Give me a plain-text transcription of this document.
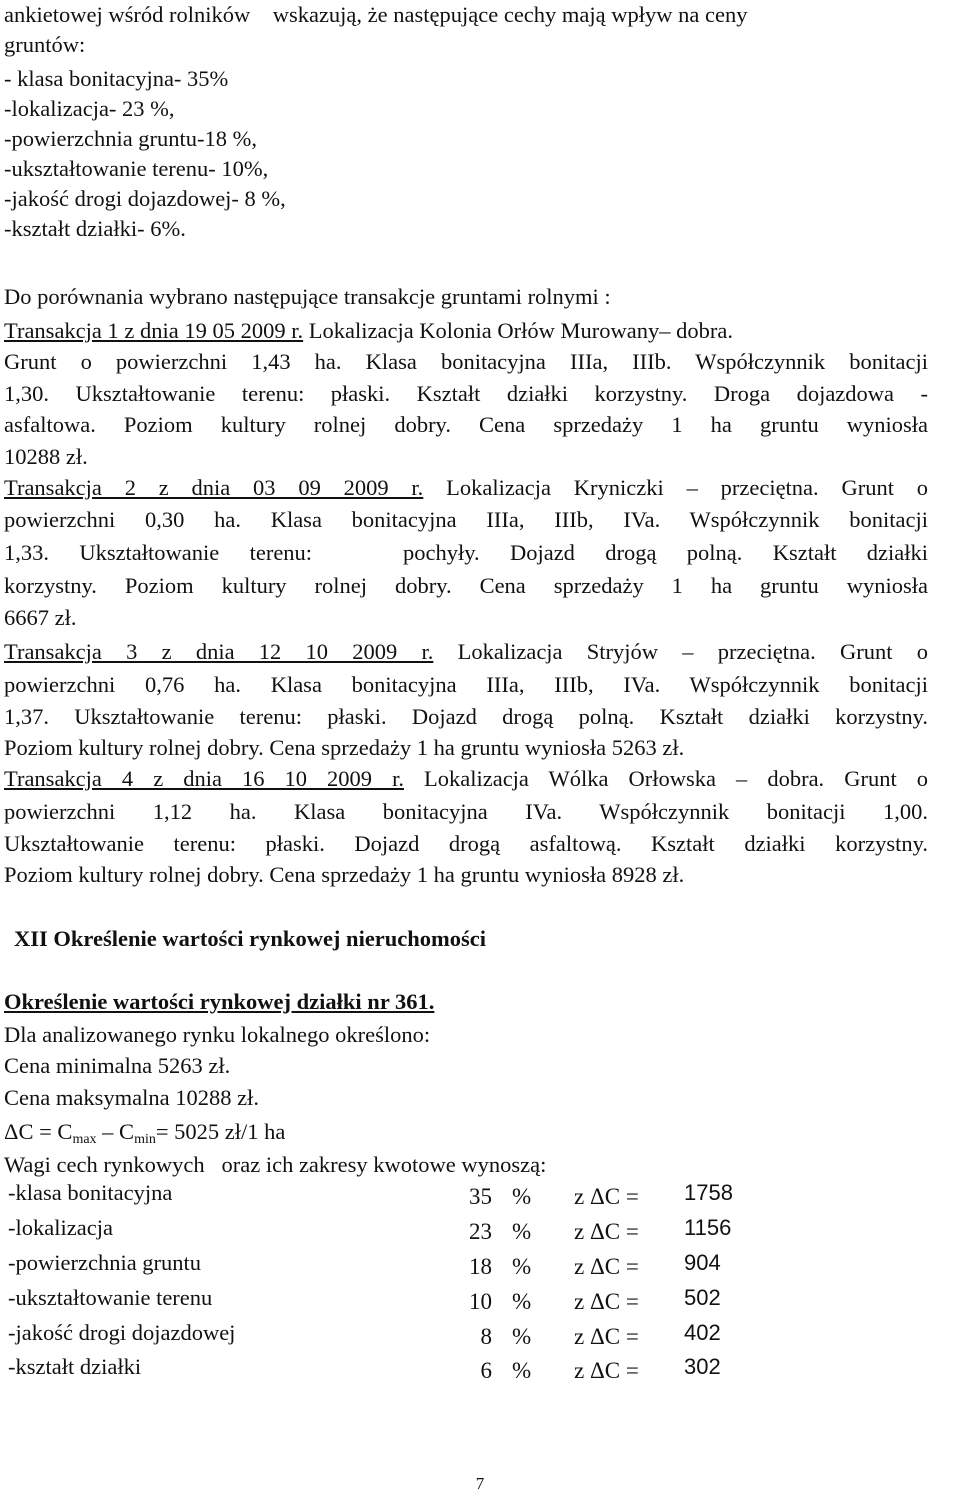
ankietowej wśród rolników    wskazują, że następujące cechy mają wpływ na ceny
gruntów:
- klasa bonitacyjna- 35%
-lokalizacja- 23 %,
-powierzchnia gruntu-18 %,
-ukształtowanie terenu- 10%,
-jakość drogi dojazdowej- 8 %,
-kształt działki- 6%.
Do porównania wybrano następujące transakcje gruntami rolnymi :
Transakcja 1 z dnia 19 05 2009 r. Lokalizacja Kolonia Orłów Murowany– dobra.
Grunt o powierzchni 1,43 ha. Klasa bonitacyjna IIIa, IIIb. Współczynnik bonitacji
1,30. Ukształtowanie terenu: płaski. Kształt działki korzystny. Droga dojazdowa -
asfaltowa. Poziom kultury rolnej dobry. Cena sprzedaży 1 ha gruntu wyniosła
10288 zł.
Transakcja 2 z dnia 03 09 2009 r. Lokalizacja Kryniczki – przeciętna. Grunt o
powierzchni 0,30 ha. Klasa bonitacyjna IIIa, IIIb, IVa. Współczynnik bonitacji
1,33. Ukształtowanie terenu:   pochyły. Dojazd drogą polną. Kształt działki
korzystny. Poziom kultury rolnej dobry. Cena sprzedaży 1 ha gruntu wyniosła
6667 zł.
Transakcja 3 z dnia 12 10 2009 r. Lokalizacja Stryjów – przeciętna. Grunt o
powierzchni 0,76 ha. Klasa bonitacyjna IIIa, IIIb, IVa. Współczynnik bonitacji
1,37. Ukształtowanie terenu: płaski. Dojazd drogą polną. Kształt działki korzystny.
Poziom kultury rolnej dobry. Cena sprzedaży 1 ha gruntu wyniosła 5263 zł.
Transakcja 4 z dnia 16 10 2009 r. Lokalizacja Wólka Orłowska – dobra. Grunt o
powierzchni 1,12 ha. Klasa bonitacyjna IVa. Współczynnik bonitacji 1,00.
Ukształtowanie terenu: płaski. Dojazd drogą asfaltową. Kształt działki korzystny.
Poziom kultury rolnej dobry. Cena sprzedaży 1 ha gruntu wyniosła 8928 zł.
XII Określenie wartości rynkowej nieruchomości
Określenie wartości rynkowej działki nr 361.
Dla analizowanego rynku lokalnego określono:
Cena minimalna 5263 zł.
Cena maksymalna 10288 zł.
$\Delta C = C_{max} - C_{min}= 5025$ zł/1 ha
Wagi cech rynkowych   oraz ich zakresy kwotowe wynoszą:
-klasa bonitacyjna	35 % z ΔC = 1758
-lokalizacja	23 % z ΔC = 1156
-powierzchnia gruntu	18 % z ΔC = 904
-ukształtowanie terenu	10 % z ΔC = 502
-jakość drogi dojazdowej	8 % z ΔC = 402
-kształt działki	6 % z ΔC = 302
7
